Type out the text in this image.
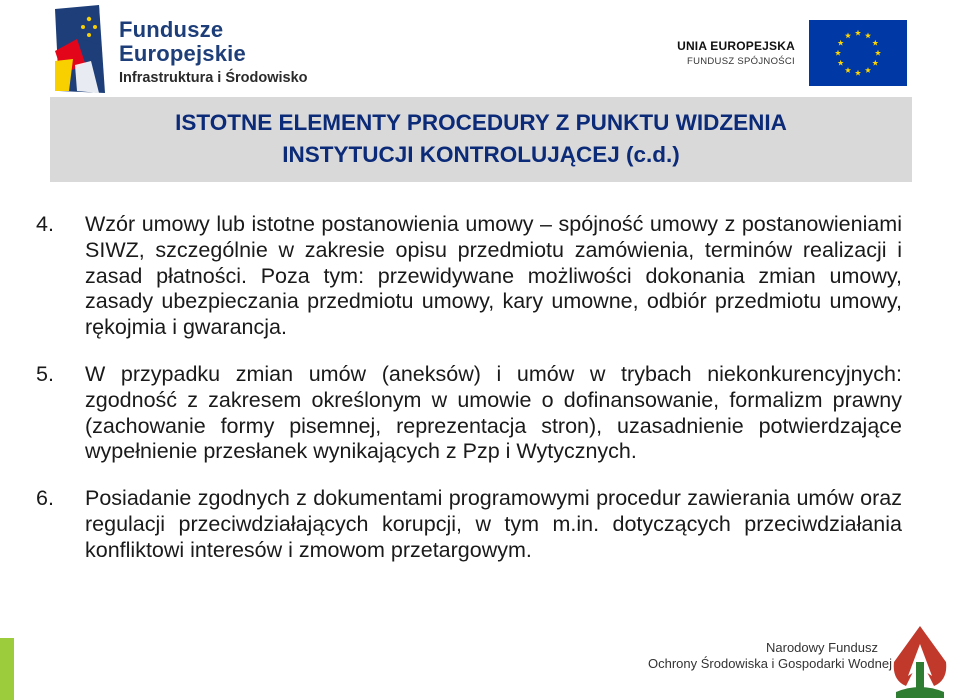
Fundusze
Europejskie
Infrastruktura i Środowisko
UNIA EUROPEJSKA
FUNDUSZ SPÓJNOŚCI
ISTOTNE ELEMENTY PROCEDURY Z PUNKTU WIDZENIA
INSTYTUCJI KONTROLUJĄCEJ (c.d.)
4.	Wzór umowy lub istotne postanowienia umowy – spójność umowy z postanowieniami SIWZ, szczególnie w zakresie opisu przedmiotu zamówienia, terminów realizacji i zasad płatności. Poza tym: przewidywane możliwości dokonania zmian umowy, zasady ubezpieczania przedmiotu umowy, kary umowne, odbiór przedmiotu umowy, rękojmia i gwarancja.
5.	W przypadku zmian umów (aneksów) i umów w trybach niekonkurencyjnych: zgodność z zakresem określonym w umowie o dofinansowanie, formalizm prawny (zachowanie formy pisemnej, reprezentacja stron), uzasadnienie potwierdzające wypełnienie przesłanek wynikających z Pzp i Wytycznych.
6.	Posiadanie zgodnych z dokumentami programowymi procedur zawierania umów oraz regulacji przeciwdziałających korupcji, w tym m.in. dotyczących przeciwdziałania konfliktowi interesów i zmowom przetargowym.
Narodowy Fundusz
Ochrony Środowiska i Gospodarki Wodnej
